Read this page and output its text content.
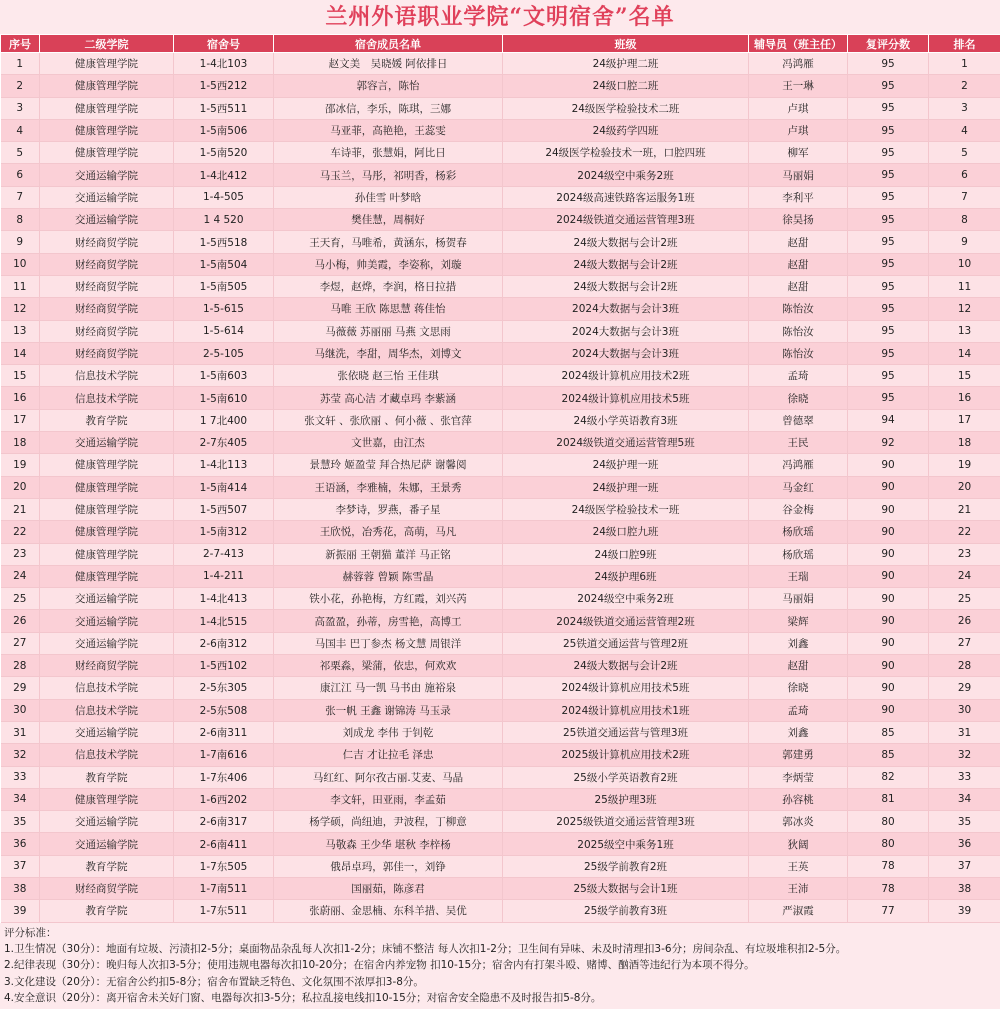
兰州外语职业学院“文明宿舍”名单
序号	二级学院	宿舍号	宿舍成员名单	班级	辅导员（班主任）	复评分数	排名
1	健康管理学院	1-4北103	赵文美　吴晓媛 阿依排日	24级护理二班	冯鸿雁	95	1
2	健康管理学院	1-5西212	郭容言，陈怡	24级口腔二班	王一琳	95	2
3	健康管理学院	1-5西511	邵冰信，李乐，陈琪，三娜	24级医学检验技术二班	卢琪	95	3
4	健康管理学院	1-5南506	马亚菲，高艳艳，王蕊雯	24级药学四班	卢琪	95	4
5	健康管理学院	1-5南520	车诗菲，张慧娟，阿比日	24级医学检验技术一班，口腔四班	柳军	95	5
6	交通运输学院	1-4北412	马玉兰，马彤，祁明香，杨彩	2024级空中乘务2班	马丽娟	95	6
7	交通运输学院	1-4-505	孙佳雪 叶梦晗	2024级高速铁路客运服务1班	李利平	95	7
8	交通运输学院	1 4 520	樊佳慧，周桐好	2024级铁道交通运营管理3班	徐昊扬	95	8
9	财经商贸学院	1-5西518	王天育，马唯希，黄涵东，杨贺春	24级大数据与会计2班	赵甜	95	9
10	财经商贸学院	1-5南504	马小梅，帅美霞，李姿称，刘璇	24级大数据与会计2班	赵甜	95	10
11	财经商贸学院	1-5南505	李煜，赵烨，李润，格日拉措	24级大数据与会计2班	赵甜	95	11
12	财经商贸学院	1-5-615	马唯 王欣 陈思慧 蒋佳怡	2024大数据与会计3班	陈怡汝	95	12
13	财经商贸学院	1-5-614	马薇薇 苏丽丽 马燕 文思雨	2024大数据与会计3班	陈怡汝	95	13
14	财经商贸学院	2-5-105	马继洗，李甜，周华杰，刘博文	2024大数据与会计3班	陈怡汝	95	14
15	信息技术学院	1-5南603	张依晓 赵三怡 王佳琪	2024级计算机应用技术2班	孟琦	95	15
16	信息技术学院	1-5南610	苏莹 高心洁 才藏卓玛 李紫涵	2024级计算机应用技术5班	徐晓	95	16
17	教育学院	1 7北400	张文轩 、张欣丽 、何小薇 、张官萍	24级小学英语教育3班	曾德翠	94	17
18	交通运输学院	2-7东405	文世嘉，由江杰	2024级铁道交通运营管理5班	王民	92	18
19	健康管理学院	1-4北113	景慧玲 姬盈莹 拜合热尼萨 谢馨阅	24级护理一班	冯鸿雁	90	19
20	健康管理学院	1-5南414	王语涵，李雅楠，朱娜，王景秀	24级护理一班	马金红	90	20
21	健康管理学院	1-5西507	李梦诗，罗燕，番子星	24级医学检验技术一班	谷金梅	90	21
22	健康管理学院	1-5南312	王欣悦，冶秀花，高萌，马凡	24级口腔九班	杨欣瑶	90	22
23	健康管理学院	2-7-413	新振丽 王朝猫 董洋 马正铭	24级口腔9班	杨欣瑶	90	23
24	健康管理学院	1-4-211	赫蓉蓉 曾颖 陈雪晶	24级护理6班	王瑞	90	24
25	交通运输学院	1-4北413	铁小花，孙艳梅，方红霞，刘兴芮	2024级空中乘务2班	马丽娟	90	25
26	交通运输学院	1-4北515	高盈盈，孙蒂，房雪艳，高博工	2024级铁道交通运营管理2班	梁辉	90	26
27	交通运输学院	2-6南312	马国丰 巴丁参杰 杨文慧 周银洋	25铁道交通运营与管理2班	刘鑫	90	27
28	财经商贸学院	1-5西102	祁栗淼，梁蒲，依忠，何欢欢	24级大数据与会计2班	赵甜	90	28
29	信息技术学院	2-5东305	康江江 马一凯 马书由 施裕泉	2024级计算机应用技术5班	徐晓	90	29
30	信息技术学院	2-5东508	张一帆 王鑫 谢锦涛 马玉录	2024级计算机应用技术1班	孟琦	90	30
31	交通运输学院	2-6南311	刘成龙 李伟 于钊乾	25铁道交通运营与管理3班	刘鑫	85	31
32	信息技术学院	1-7南616	仁吉 才让拉毛 泽忠	2025级计算机应用技术2班	郭建勇	85	32
33	教育学院	1-7东406	马红红、阿尔孜古丽.艾麦、马晶	25级小学英语教育2班	李炳莹	82	33
34	健康管理学院	1-6西202	李文轩，田亚雨，李孟茹	25级护理3班	孙容桃	81	34
35	交通运输学院	2-6南317	杨学硕，尚纽迪，尹波程，丁柳意	2025级铁道交通运营管理3班	郭冰炎	80	35
36	交通运输学院	2-6南411	马敬森 王少华 堪秋 李梓杨	2025级空中乘务1班	狄阔	80	36
37	教育学院	1-7东505	俄昂卓玛，郭佳一，刘铮	25级学前教育2班	王英	78	37
38	财经商贸学院	1-7南511	国丽茹，陈彦君	25级大数据与会计1班	王沛	78	38
39	教育学院	1-7东511	张蔚丽、金思楠、东科羊措、吴优	25级学前教育3班	严淑霞	77	39
评分标准：
1.卫生情况（30分）：地面有垃圾、污渍扣2-5分；桌面物品杂乱每人次扣1-2分；床铺不整洁 每人次扣1-2分；卫生间有异味、未及时清理扣3-6分；房间杂乱、有垃圾堆积扣2-5分。
2.纪律表现（30分）：晚归每人次扣3-5分；使用违规电器每次扣10-20分；在宿舍内养宠物 扣10-15分；宿舍内有打架斗殴、赌博、酗酒等违纪行为本项不得分。
3.文化建设（20分）：无宿舍公约扣5-8分；宿舍布置缺乏特色、文化氛围不浓厚扣3-8分。
4.安全意识（20分）：离开宿舍未关好门窗、电器每次扣3-5分；私拉乱接电线扣10-15分；对宿舍安全隐患不及时报告扣5-8分。
